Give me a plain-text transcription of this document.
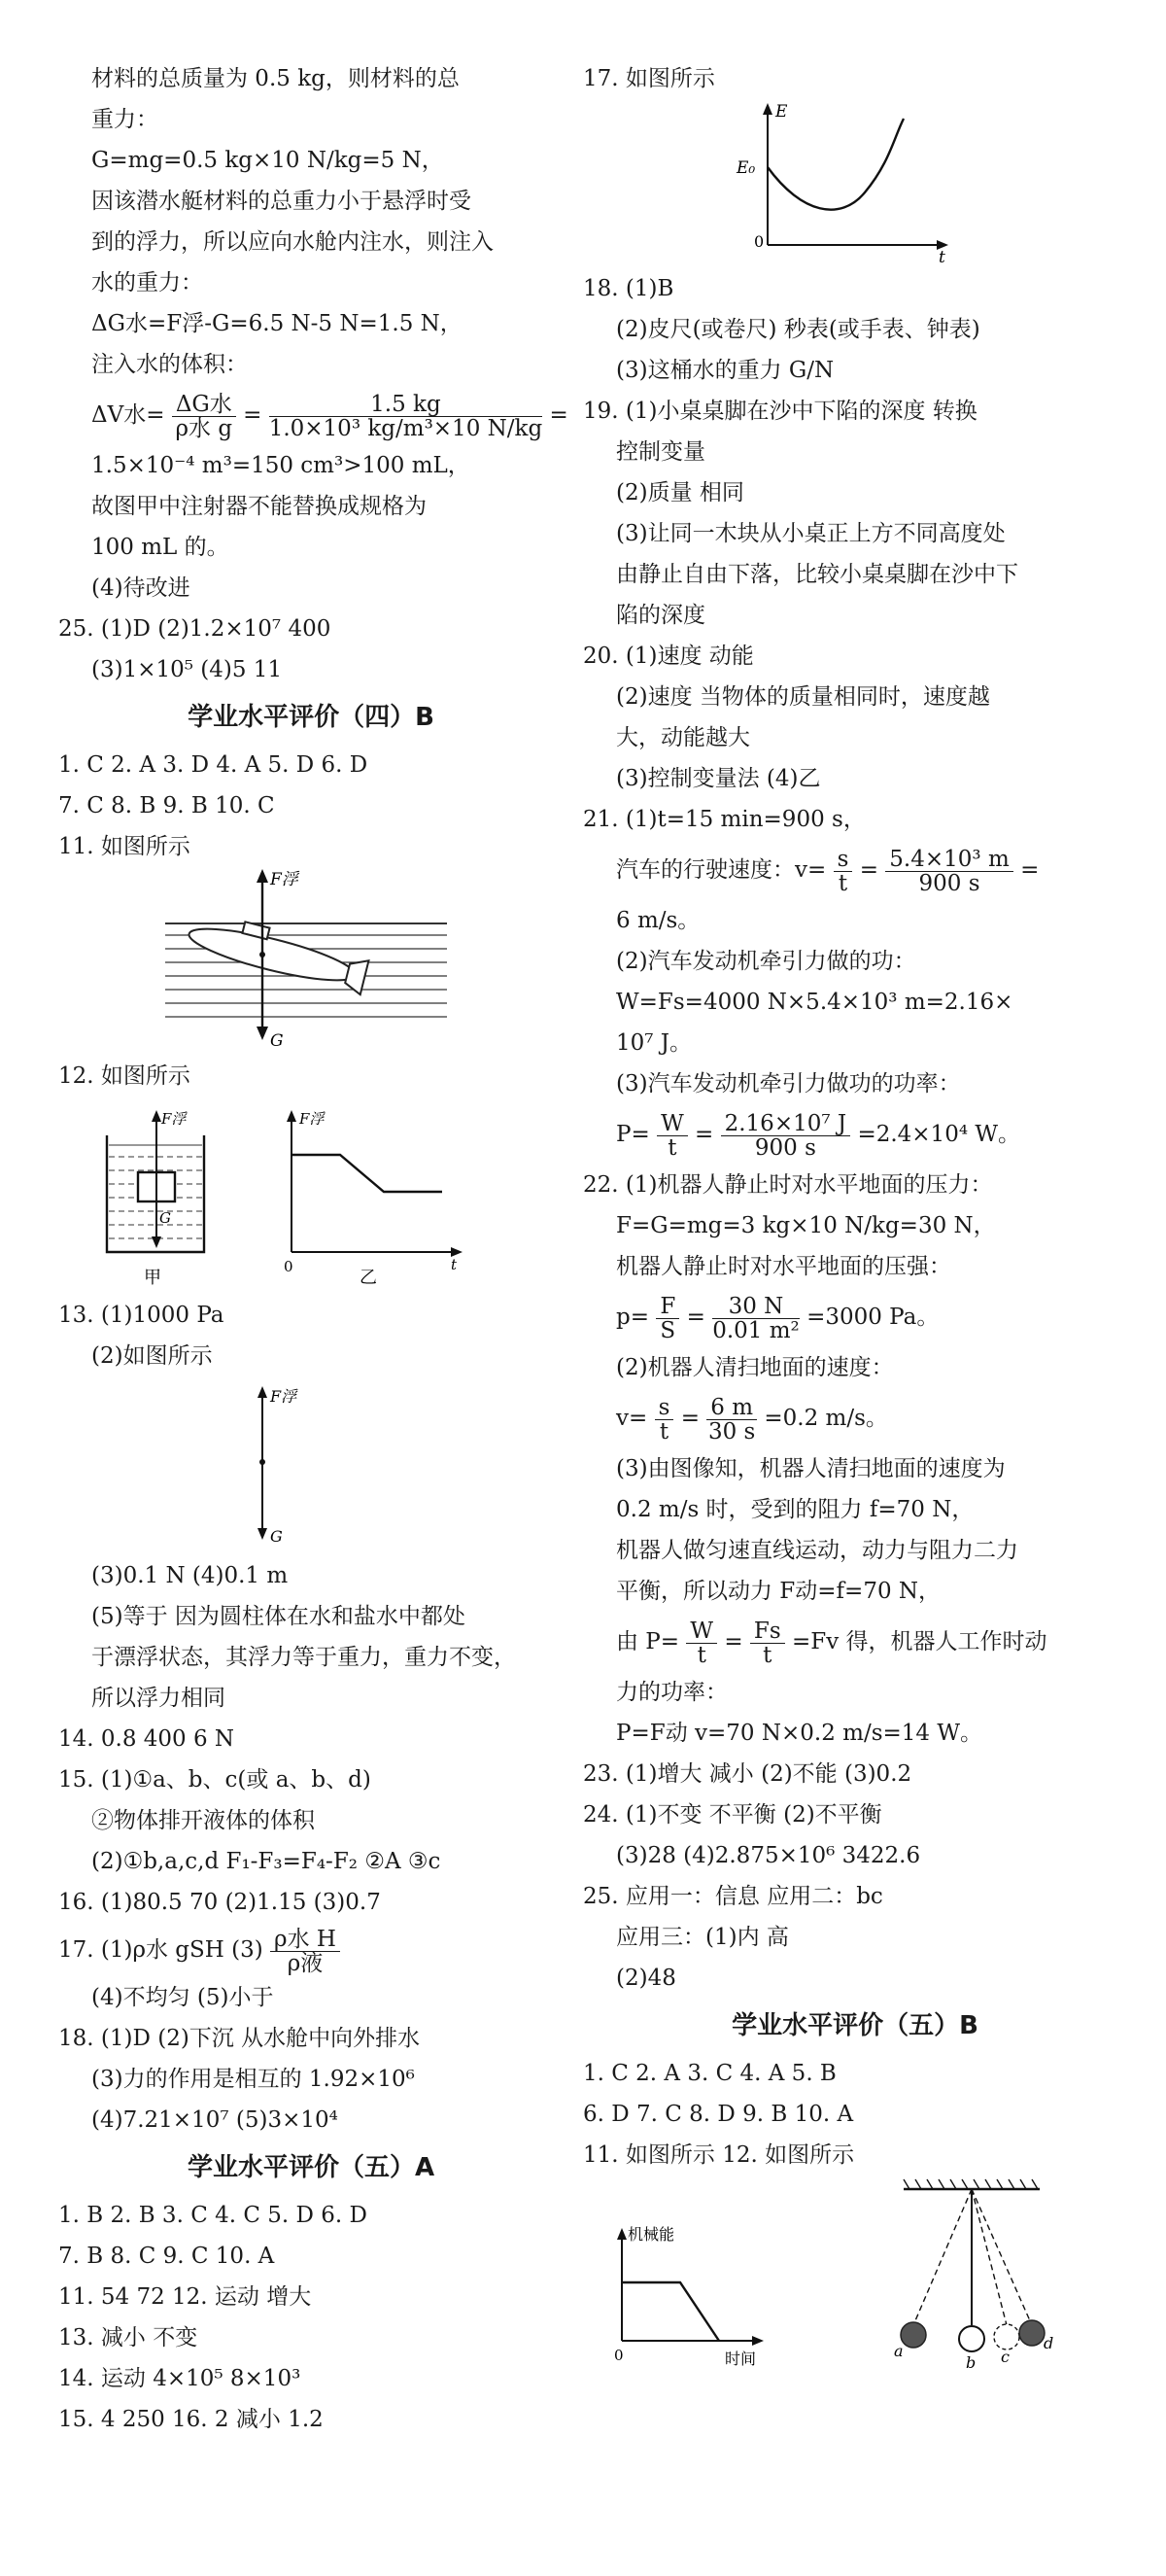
材料的总质量为 0.5 kg，则材料的总
重力：
G=mg=0.5 kg×10 N/kg=5 N，
因该潜水艇材料的总重力小于悬浮时受
到的浮力，所以应向水舱内注水，则注入
水的重力：
ΔG水=F浮-G=6.5 N-5 N=1.5 N，
注入水的体积：
ΔV水= $\frac{\text{ΔG水}}{\text{ρ水 g}} = \frac{1.5 kg}{\text{1.0×10³ kg/m³×10 N/kg}}$ =
1.5×10⁻⁴ m³=150 cm³>100 mL，
故图甲中注射器不能替换成规格为
100 mL 的。
(4)待改进
25. (1)D (2)1.2×10⁷ 400
(3)1×10⁵ (4)5 11
学业水平评价（四）B
1. C 2. A 3. D 4. A 5. D 6. D
7. C 8. B 9. B 10. C
11. 如图所示
F浮
G
12. 如图所示
F浮
G
甲
F浮
0	t
乙
13. (1)1000 Pa
(2)如图所示
F浮
G
(3)0.1 N (4)0.1 m
(5)等于 因为圆柱体在水和盐水中都处
于漂浮状态，其浮力等于重力，重力不变，
所以浮力相同
14. 0.8 400 6 N
15. (1)①a、b、c(或 a、b、d)
②物体排开液体的体积
(2)①b,a,c,d F₁-F₃=F₄-F₂ ②A ③c
16. (1)80.5 70 (2)1.15 (3)0.7
17. (1)ρ水 gSH $(3) \frac{\text{ρ水 H}}{\text{ρ液}}$
(4)不均匀 (5)小于
18. (1)D (2)下沉 从水舱中向外排水
(3)力的作用是相互的 1.92×10⁶
(4)7.21×10⁷ (5)3×10⁴
学业水平评价（五）A
1. B 2. B 3. C 4. C 5. D 6. D
7. B 8. C 9. C 10. A
11. 54 72 12. 运动 增大
13. 减小 不变
14. 运动 4×10⁵ 8×10³
15. 4 250 16. 2 减小 1.2
17. 如图所示
E
E₀
0
t
18. (1)B
(2)皮尺(或卷尺) 秒表(或手表、钟表)
(3)这桶水的重力 G/N
19. (1)小桌桌脚在沙中下陷的深度 转换
控制变量
(2)质量 相同
(3)让同一木块从小桌正上方不同高度处
由静止自由下落，比较小桌桌脚在沙中下
陷的深度
20. (1)速度 动能
(2)速度 当物体的质量相同时，速度越
大，动能越大
(3)控制变量法 (4)乙
21. (1)t=15 min=900 s，
汽车的行驶速度：$v= \frac{s}{t} = \frac{\text{5.4×10³ m}}{900 s}$ =
6 m/s。
(2)汽车发动机牵引力做的功：
W=Fs=4000 N×5.4×10³ m=2.16×
10⁷ J。
(3)汽车发动机牵引力做功的功率：
$P= \frac{W}{t} = \frac{\text{2.16×10⁷ J}}{900 s} =2.4\times 10^4$ W。
22. (1)机器人静止时对水平地面的压力：
F=G=mg=3 kg×10 N/kg=30 N，
机器人静止时对水平地面的压强：
$p= \frac{F}{S} = \frac{30 N}{\text{0.01 m²}} =3000$ Pa。
(2)机器人清扫地面的速度：
$v= \frac{s}{t} = \frac{6 m}{30 s} =0.2$ m/s。
(3)由图像知，机器人清扫地面的速度为
0.2 m/s 时，受到的阻力 f=70 N，
机器人做匀速直线运动，动力与阻力二力
平衡，所以动力 F动=f=70 N，
由 $P= \frac{W}{t} = \frac{Fs}{t} =Fv$ 得，机器人工作时动
力的功率：
P=F动 v=70 N×0.2 m/s=14 W。
23. (1)增大 减小 (2)不能 (3)0.2
24. (1)不变 不平衡 (2)不平衡
(3)28 (4)2.875×10⁶ 3422.6
25. 应用一：信息 应用二：bc
应用三：(1)内 高
(2)48
学业水平评价（五）B
1. C 2. A 3. C 4. A 5. B
6. D 7. C 8. D 9. B 10. A
11. 如图所示 12. 如图所示
机械能
0	时间	a
b c
d
